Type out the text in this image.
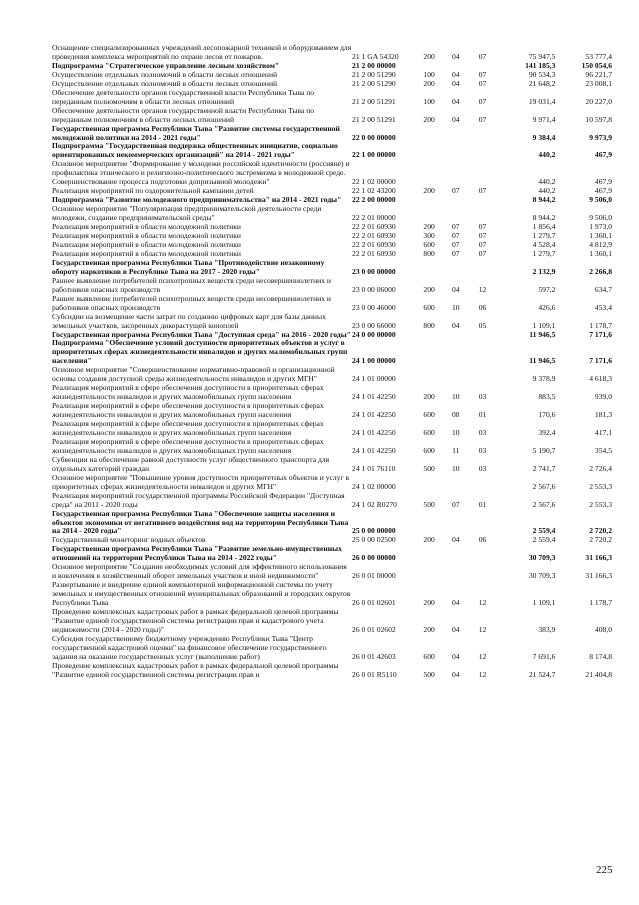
Оснащение специализированных учреждений лесопожарной техникой и оборудованием для проведения комплекса мероприятий по охране лесов от пожаров.	21 1 GA 54320	200	04	07	75 947,5	53 777,4
Подпрограмма "Стратегическое управление лесным хозяйством"	21 2 00 00000				141 185,3	150 054,6
Осуществление отдельных полномочий в области лесных отношений	21 2 00 51290	100	04	07	90 534,3	96 221,7
Осуществление отдельных полномочий в области лесных отношений	21 2 00 51290	200	04	07	21 648,2	23 008,1
Обеспечение деятельности органов государственной власти Республики Тыва по переданным полномочиям в области лесных отношений	21 2 00 51291	100	04	07	19 031,4	20 227,0
Обеспечение деятельности органов государственной власти Республики Тыва по переданным полномочиям в области лесных отношений	21 2 00 51291	200	04	07	9 971,4	10 597,8
Государственная программа Республики Тыва "Развитие системы государственной молодежной политики на 2014 - 2021 годы"	22 0 00 00000				9 384,4	9 973,9
Подпрограмма "Государственная поддержка общественных инициатив, социально ориентированных некоммерческих организаций" на 2014 - 2021 годы"	22 1 00 00000				440,2	467,9
Основное мероприятие "Формирование у молодежи российской идентичности (россияне) и профилактика этнического и религиозно-политического экстремизма в молодежной среде. Совершенствование процесса подготовки допризывной молодежи"	22 1 02 00000				440,2	467,9
Реализация мероприятий по оздоровительной кампании детей	22 1 02 43200	200	07	07	440,2	467,9
Подпрограмма "Развитие молодежного предпринимательства" на 2014 - 2021 годы"	22 2 00 00000				8 944,2	9 506,0
Основное мероприятие "Популяризация предпринимательской деятельности среди молодежи, создание предпринимательской среды"	22 2 01 00000				8 944,2	9 506,0
Реализация мероприятий в области молодежной политики	22 2 01 60930	200	07	07	1 856,4	1 973,0
Реализация мероприятий в области молодежной политики	22 2 01 60930	300	07	07	1 279,7	1 360,1
Реализация мероприятий в области молодежной политики	22 2 01 60930	600	07	07	4 528,4	4 812,9
Реализация мероприятий в области молодежной политики	22 2 01 60930	800	07	07	1 279,7	1 360,1
Государственная программа Республики Тыва "Противодействие незаконному обороту наркотиков в Республике Тыва на 2017 - 2020 годы"	23 0 00 00000				2 132,9	2 266,8
Раннее выявление потребителей психотропных веществ среди несовершеннолетних и работников опасных производств	23 0 00 06000	200	04	12	597,2	634,7
Раннее выявление потребителей психотропных веществ среди несовершеннолетних и работников опасных производств	23 0 00 46000	600	10	06	426,6	453,4
Субсидии на возмещение части затрат по созданию цифровых карт для базы данных земельных участков, засоренных дикорастущей коноплей	23 0 00 66000	800	04	05	1 109,1	1 178,7
Государственная программа Республики Тыва "Доступная среда" на 2016 - 2020 годы"	24 0 00 00000				11 946,5	7 171,6
Подпрограмма "Обеспечение условий доступности приоритетных объектов и услуг в приоритетных сферах жизнедеятельности инвалидов и других маломобильных групп населения"	24 1 00 00000				11 946,5	7 171,6
Основное мероприятие "Совершенствование нормативно-правовой и организационной основы создания доступной среды жизнедеятельности инвалидов и других МГН"	24 1 01 00000				9 378,9	4 618,3
Реализация мероприятий в сфере обеспечения доступности в приоритетных сферах жизнедеятельности инвалидов и других маломобильных групп населения	24 1 01 42250	200	10	03	883,5	939,0
Реализация мероприятий в сфере обеспечения доступности в приоритетных сферах жизнедеятельности инвалидов и других маломобильных групп населения	24 1 01 42250	600	08	01	170,6	181,3
Реализация мероприятий в сфере обеспечения доступности в приоритетных сферах жизнедеятельности инвалидов и других маломобильных групп населения	24 1 01 42250	600	10	03	392,4	417,1
Реализация мероприятий в сфере обеспечения доступности в приоритетных сферах жизнедеятельности инвалидов и других маломобильных групп населения	24 1 01 42250	600	11	03	5 190,7	354,5
Субвенции на обеспечение равной доступности услуг общественного транспорта для отдельных категорий граждан	24 1 01 76110	500	10	03	2 741,7	2 726,4
Основное мероприятие "Повышение уровня доступности приоритетных объектов и услуг в приоритетных сферах жизнедеятельности инвалидов и других МГН"	24 1 02 00000				2 567,6	2 553,3
Реализация мероприятий государственной программы Российской Федерации "Доступная среда" на 2011 - 2020 годы	24 1 02 R0270	500	07	01	2 567,6	2 553,3
Государственная программа Республики Тыва "Обеспечение защиты населения и объектов экономики от негативного воздействия вод на территории Республики Тыва на 2014 - 2020 годы"	25 0 00 00000				2 559,4	2 720,2
Государственный мониторинг водных объектов	25 0 00 02500	200	04	06	2 559,4	2 720,2
Государственная программа Республики Тыва "Развитие земельно-имущественных отношений на территории Республики Тыва на 2014 - 2022 годы"	26 0 00 00000				30 709,3	31 166,3
Основное мероприятие "Создание необходимых условий для эффективного использования и вовлечения в хозяйственный оборот земельных участков и иной недвижимости"	26 0 01 00000				30 709,3	31 166,3
Развертывание и внедрение единой компьютерной информационной системы по учету земельных и имущественных отношений муниципальных образований и городских округов Республики Тыва	26 0 01 02601	200	04	12	1 109,1	1 178,7
Проведение комплексных кадастровых работ в рамках федеральной целевой программы "Развитие единой государственной системы регистрации прав и кадастрового учета недвижимости (2014 - 2020 годы)"	26 0 01 02602	200	04	12	383,9	408,0
Субсидия государственному бюджетному учреждению Республики Тыва "Центр государственной кадастровой оценки" на финансовое обеспечение государственного задания на оказание государственных услуг (выполнение работ)	26 0 01 42603	600	04	12	7 691,6	8 174,8
Проведение комплексных кадастровых работ в рамках федеральной целевой программы "Развитие единой государственной системы регистрации прав и	26 0 01 R5110	500	04	12	21 524,7	21 404,8
225
